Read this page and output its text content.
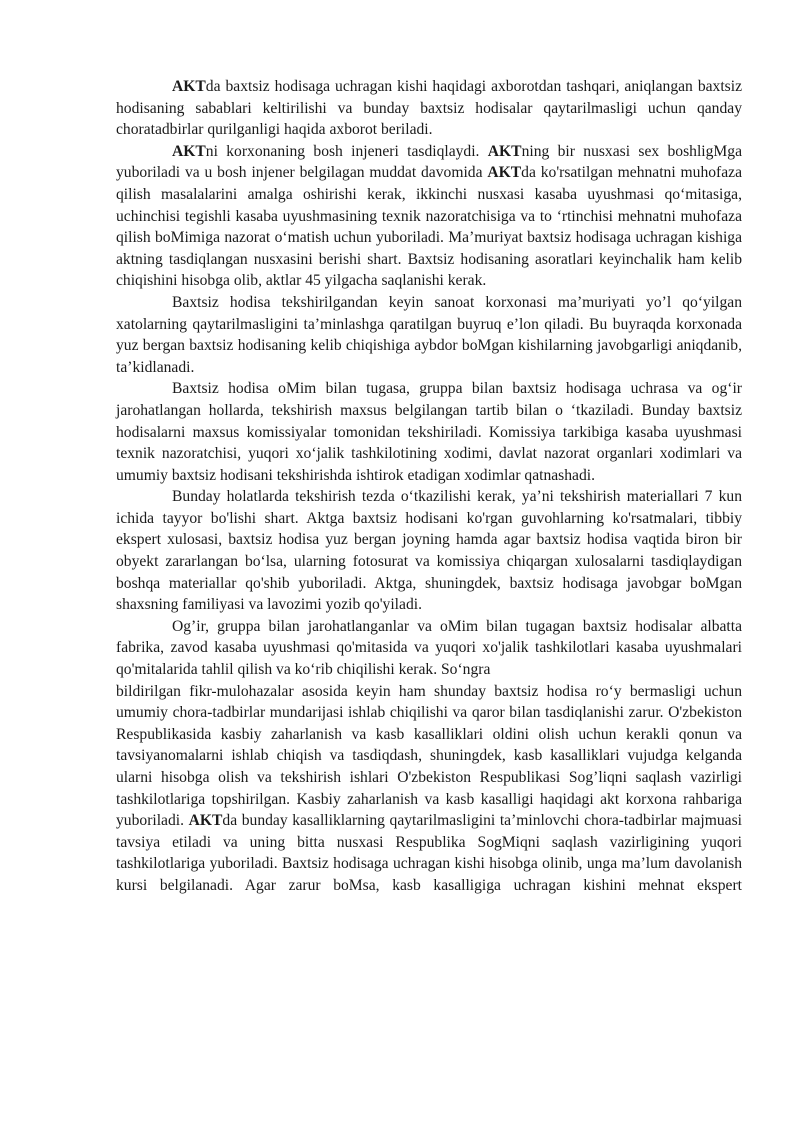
AKTda baxtsiz hodisaga uchragan kishi haqidagi axborotdan tashqari, aniqlangan baxtsiz hodisaning sabablari keltirilishi va bunday baxtsiz hodisalar qaytarilmasligi uchun qanday choratadbirlar qurilganligi haqida axborot beriladi.

AKTni korxonaning bosh injeneri tasdiqlaydi. AKTning bir nusxasi sex boshligMga yuboriladi va u bosh injener belgilagan muddat davomida AKTda ko'rsatilgan mehnatni muhofaza qilish masalalarini amalga oshirishi kerak, ikkinchi nusxasi kasaba uyushmasi qo‘mitasiga, uchinchisi tegishli kasaba uyushmasining texnik nazoratchisiga va to ‘rtinchisi mehnatni muhofaza qilish boMimiga nazorat o‘matish uchun yuboriladi. Ma’muriyat baxtsiz hodisaga uchragan kishiga aktning tasdiqlangan nusxasini berishi shart. Baxtsiz hodisaning asoratlari keyinchalik ham kelib chiqishini hisobga olib, aktlar 45 yilgacha saqlanishi kerak.

Baxtsiz hodisa tekshirilgandan keyin sanoat korxonasi ma’muriyati yo’l qo‘yilgan xatolarning qaytarilmasligini ta’minlashga qaratilgan buyruq e’lon qiladi. Bu buyraqda korxonada yuz bergan baxtsiz hodisaning kelib chiqishiga aybdor boMgan kishilarning javobgarligi aniqdanib, ta’kidlanadi.

Baxtsiz hodisa oMim bilan tugasa, gruppa bilan baxtsiz hodisaga uchrasa va og‘ir jarohatlangan hollarda, tekshirish maxsus belgilangan tartib bilan o ‘tkaziladi. Bunday baxtsiz hodisalarni maxsus komissiyalar tomonidan tekshiriladi. Komissiya tarkibiga kasaba uyushmasi texnik nazoratchisi, yuqori xo‘jalik tashkilotining xodimi, davlat nazorat organlari xodimlari va umumiy baxtsiz hodisani tekshirishda ishtirok etadigan xodimlar qatnashadi.

Bunday holatlarda tekshirish tezda o‘tkazilishi kerak, ya’ni tekshirish materiallari 7 kun ichida tayyor bo'lishi shart. Aktga baxtsiz hodisani ko'rgan guvohlarning ko'rsatmalari, tibbiy ekspert xulosasi, baxtsiz hodisa yuz bergan joyning hamda agar baxtsiz hodisa vaqtida biron bir obyekt zararlangan bo‘lsa, ularning fotosurat va komissiya chiqargan xulosalarni tasdiqlaydigan boshqa materiallar qo'shib yuboriladi. Aktga, shuningdek, baxtsiz hodisaga javobgar boMgan shaxsning familiyasi va lavozimi yozib qo'yiladi.

Og’ir, gruppa bilan jarohatlanganlar va oMim bilan tugagan baxtsiz hodisalar albatta fabrika, zavod kasaba uyushmasi qo'mitasida va yuqori xo'jalik tashkilotlari kasaba uyushmalari qo'mitalarida tahlil qilish va ko‘rib chiqilishi kerak. So‘ngra

bildirilgan fikr-mulohazalar asosida keyin ham shunday baxtsiz hodisa ro‘y bermasligi uchun umumiy chora-tadbirlar mundarijasi ishlab chiqilishi va qaror bilan tasdiqlanishi zarur. O'zbekiston Respublikasida kasbiy zaharlanish va kasb kasalliklari oldini olish uchun kerakli qonun va tavsiyanomalarni ishlab chiqish va tasdiqdash, shuningdek, kasb kasalliklari vujudga kelganda ularni hisobga olish va tekshirish ishlari O'zbekiston Respublikasi Sog’liqni saqlash vazirligi tashkilotlariga topshirilgan. Kasbiy zaharlanish va kasb kasalligi haqidagi akt korxona rahbariga yuboriladi. AKTda bunday kasalliklarning qaytarilmasligini ta’minlovchi chora-tadbirlar majmuasi tavsiya etiladi va uning bitta nusxasi Respublika SogMiqni saqlash vazirligining yuqori tashkilotlariga yuboriladi. Baxtsiz hodisaga uchragan kishi hisobga olinib, unga ma’lum davolanish kursi belgilanadi. Agar zarur boMsa, kasb kasalligiga uchragan kishini mehnat ekspert
